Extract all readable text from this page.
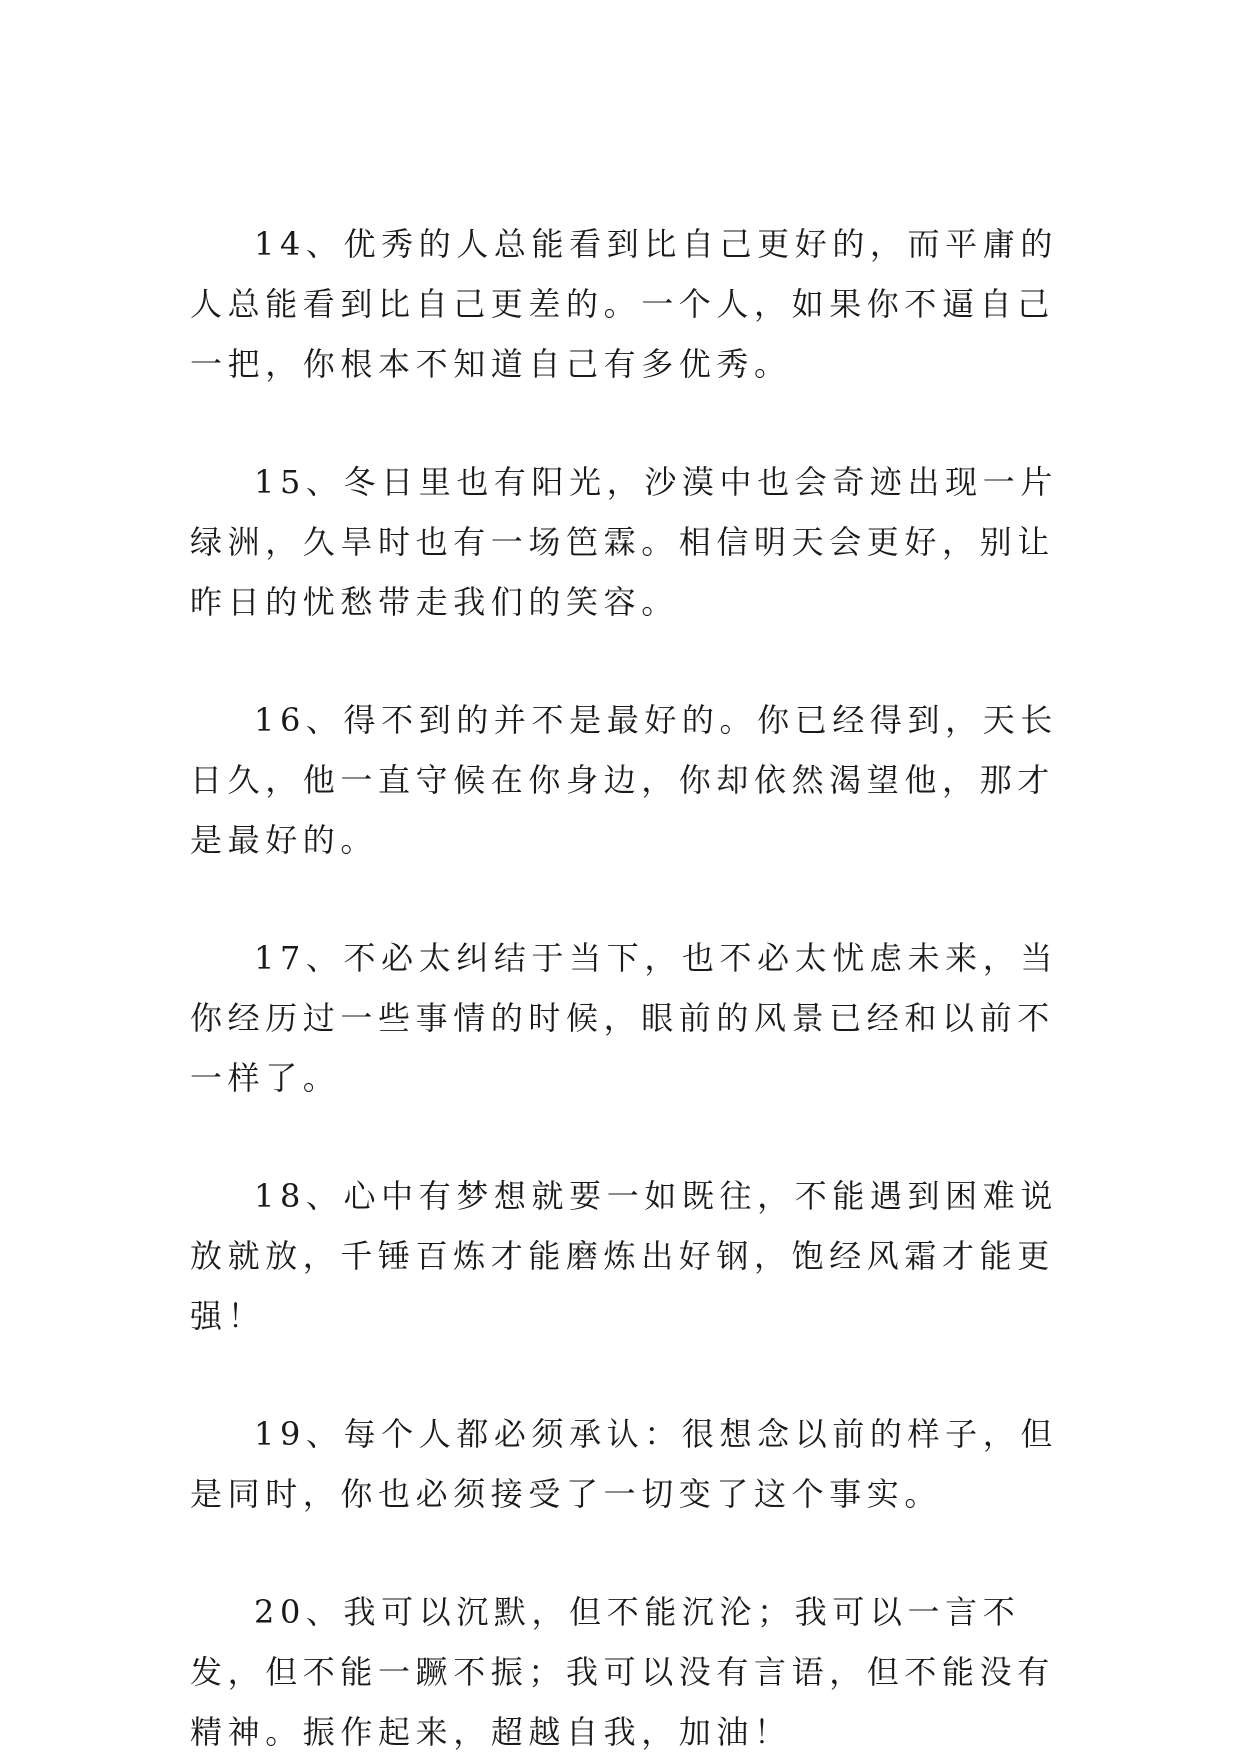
14、优秀的人总能看到比自己更好的，而平庸的人总能看到比自己更差的。一个人，如果你不逼自己一把，你根本不知道自己有多优秀。

15、冬日里也有阳光，沙漠中也会奇迹出现一片绿洲，久旱时也有一场笆霖。相信明天会更好，别让昨日的忧愁带走我们的笑容。

16、得不到的并不是最好的。你已经得到，天长日久，他一直守候在你身边，你却依然渴望他，那才是最好的。

17、不必太纠结于当下，也不必太忧虑未来，当你经历过一些事情的时候，眼前的风景已经和以前不一样了。

18、心中有梦想就要一如既往，不能遇到困难说放就放，千锤百炼才能磨炼出好钢，饱经风霜才能更强！

19、每个人都必须承认：很想念以前的样子，但是同时，你也必须接受了一切变了这个事实。

20、我可以沉默，但不能沉沦；我可以一言不发，但不能一蹶不振；我可以没有言语，但不能没有精神。振作起来，超越自我，加油！
